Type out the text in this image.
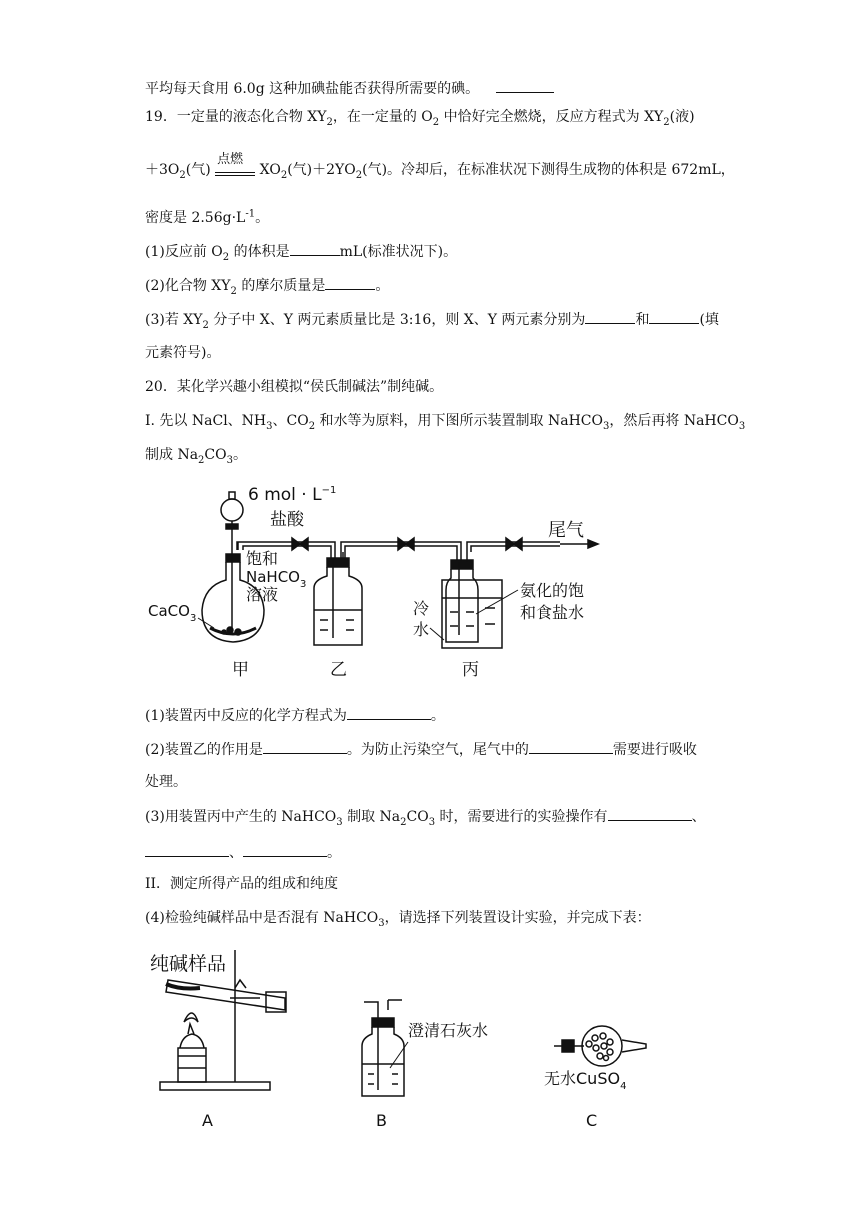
平均每天食用 6.0g 这种加碘盐能否获得所需要的碘。
19．一定量的液态化合物 $XY_2$，在一定量的 $O_2$ 中恰好完全燃烧，反应方程式为 $XY_2$(液)
$+3O_2$(气)
点燃
$XO_2$(气)$+2YO_2$(气)。冷却后，在标准状况下测得生成物的体积是 672mL，
密度是 $2.56g\cdot L^{-1}$。
(1)反应前 $O_2$ 的体积是	mL(标准状况下)。
(2)化合物 $XY_2$ 的摩尔质量是	。
(3)若 $XY_2$ 分子中 X、Y 两元素质量比是 3:16，则 X、Y 两元素分别为	和	(填
元素符号)。
20．某化学兴趣小组模拟“侯氏制碱法”制纯碱。
I. 先以 NaCl、$NH_3$、$CO_2$ 和水等为原料，用下图所示装置制取 NaHCO$_3$，然后再将 NaHCO$_3$
制成 $Na_2CO_3$。
6 mol · $L^{-1}$
盐酸
饱和
NaHCO$_3$
溶液
CaCO$_3$
尾气
冷
水
氨化的饱
和食盐水
甲	乙	丙
(1)装置丙中反应的化学方程式为	。
(2)装置乙的作用是	。为防止污染空气，尾气中的	需要进行吸收
处理。
(3)用装置丙中产生的 NaHCO$_3$ 制取 $Na_2CO_3$ 时，需要进行的实验操作有	、
、	。
II．测定所得产品的组成和纯度
(4)检验纯碱样品中是否混有 NaHCO$_3$，请选择下列装置设计实验，并完成下表：
纯碱样品
A
澄清石灰水
B
无水CuSO$_4$
C
